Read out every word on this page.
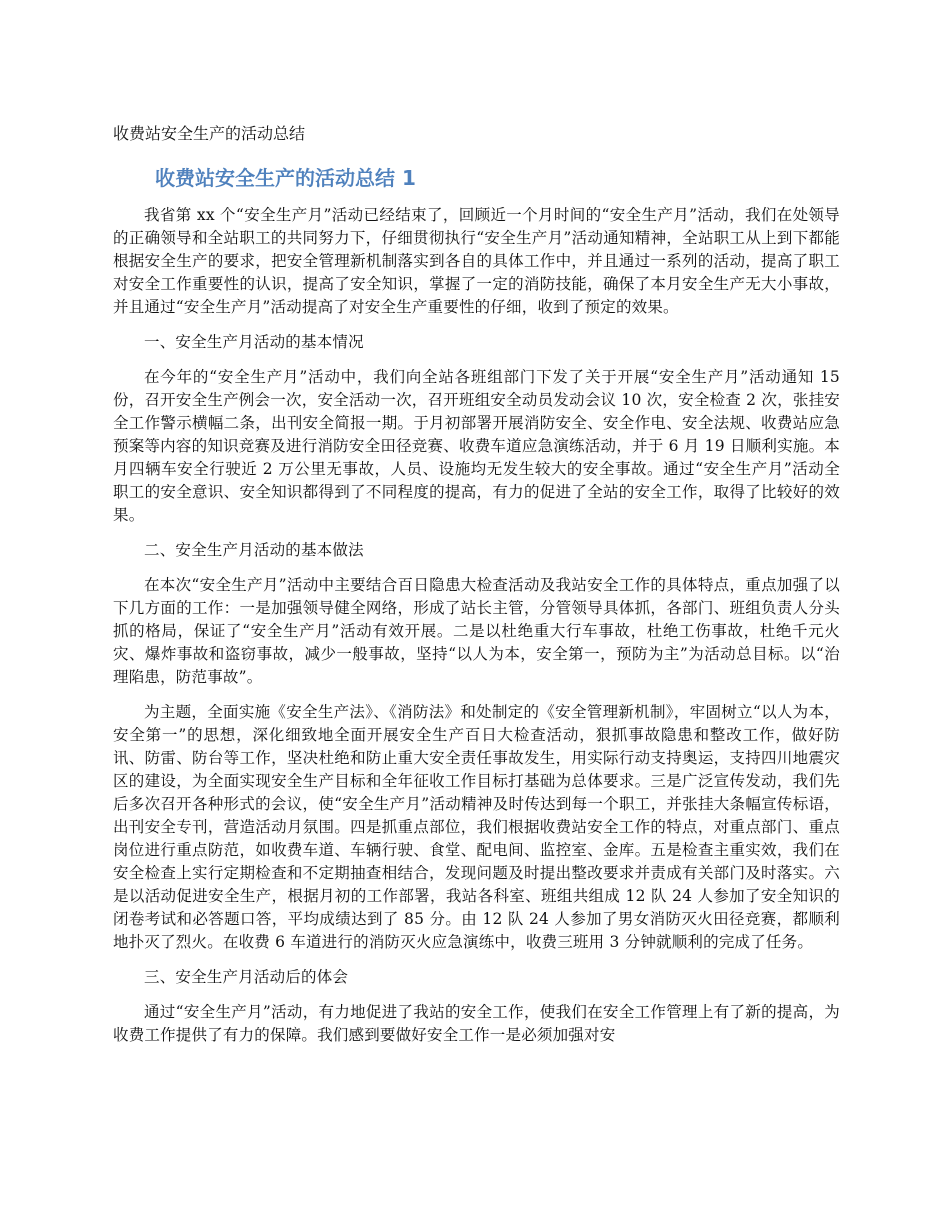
收费站安全生产的活动总结

收费站安全生产的活动总结 1

我省第 xx 个“安全生产月”活动已经结束了，回顾近一个月时间的“安全生产月”活动，我们在处领导的正确领导和全站职工的共同努力下，仔细贯彻执行“安全生产月”活动通知精神，全站职工从上到下都能根据安全生产的要求，把安全管理新机制落实到各自的具体工作中，并且通过一系列的活动，提高了职工对安全工作重要性的认识，提高了安全知识，掌握了一定的消防技能，确保了本月安全生产无大小事故，并且通过“安全生产月”活动提高了对安全生产重要性的仔细，收到了预定的效果。

一、安全生产月活动的基本情况

在今年的“安全生产月”活动中，我们向全站各班组部门下发了关于开展“安全生产月”活动通知 15 份，召开安全生产例会一次，安全活动一次，召开班组安全动员发动会议 10 次，安全检查 2 次，张挂安全工作警示横幅二条，出刊安全简报一期。于月初部署开展消防安全、安全作电、安全法规、收费站应急预案等内容的知识竞赛及进行消防安全田径竞赛、收费车道应急演练活动，并于 6 月 19 日顺利实施。本月四辆车安全行驶近 2 万公里无事故，人员、设施均无发生较大的安全事故。通过“安全生产月”活动全职工的安全意识、安全知识都得到了不同程度的提高，有力的促进了全站的安全工作，取得了比较好的效果。

二、安全生产月活动的基本做法

在本次“安全生产月”活动中主要结合百日隐患大检查活动及我站安全工作的具体特点，重点加强了以下几方面的工作：一是加强领导健全网络，形成了站长主管，分管领导具体抓，各部门、班组负责人分头抓的格局，保证了“安全生产月”活动有效开展。二是以杜绝重大行车事故，杜绝工伤事故，杜绝千元火灾、爆炸事故和盗窃事故，减少一般事故，坚持“以人为本，安全第一，预防为主”为活动总目标。以“治理陷患，防范事故”。

为主题，全面实施《安全生产法》、《消防法》和处制定的《安全管理新机制》，牢固树立“以人为本，安全第一”的思想，深化细致地全面开展安全生产百日大检查活动，狠抓事故隐患和整改工作，做好防讯、防雷、防台等工作，坚决杜绝和防止重大安全责任事故发生，用实际行动支持奥运，支持四川地震灾区的建设，为全面实现安全生产目标和全年征收工作目标打基础为总体要求。三是广泛宣传发动，我们先后多次召开各种形式的会议，使“安全生产月”活动精神及时传达到每一个职工，并张挂大条幅宣传标语，出刊安全专刊，营造活动月氛围。四是抓重点部位，我们根据收费站安全工作的特点，对重点部门、重点岗位进行重点防范，如收费车道、车辆行驶、食堂、配电间、监控室、金库。五是检查主重实效，我们在安全检查上实行定期检查和不定期抽查相结合，发现问题及时提出整改要求并责成有关部门及时落实。六是以活动促进安全生产，根据月初的工作部署，我站各科室、班组共组成 12 队 24 人参加了安全知识的闭卷考试和必答题口答，平均成绩达到了 85 分。由 12 队 24 人参加了男女消防灭火田径竞赛，都顺利地扑灭了烈火。在收费 6 车道进行的消防灭火应急演练中，收费三班用 3 分钟就顺利的完成了任务。

三、安全生产月活动后的体会

通过“安全生产月”活动，有力地促进了我站的安全工作，使我们在安全工作管理上有了新的提高，为收费工作提供了有力的保障。我们感到要做好安全工作一是必须加强对安
